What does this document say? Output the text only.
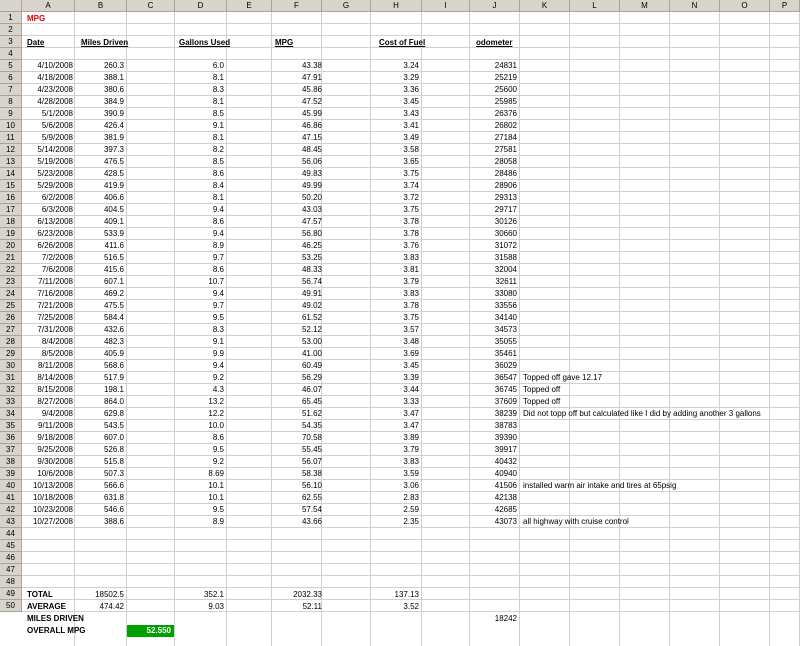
MPG
Date	Miles Driven	Gallons Used	MPG	Cost of Fuel	odometer
TOTAL	18502.5	352.1	2032.33	137.13
AVERAGE	474.42	9.03	52.11	3.52
MILES DRIVEN	18242
OVERALL MPG	52.550
A	B	C	D	E	F	G	H	I	J	K	L	M	N	O	P
1
2
3
4
5
6
7
8
9
10
11
12
13
14
15
16
17
18
19
20
21
22
23
24
25
26
27
28
29
30
31
32
33
34
35
36
37
38
39
40
41
42
43
44
45
46
47
48
49
50
4/10/2008	260.3	6.0	43.38	3.24	24831
4/18/2008	388.1	8.1	47.91	3.29	25219
4/23/2008	380.6	8.3	45.86	3.36	25600
4/28/2008	384.9	8.1	47.52	3.45	25985
5/1/2008	390.9	8.5	45.99	3.43	26376
5/6/2008	426.4	9.1	46.86	3.41	26802
5/9/2008	381.9	8.1	47.15	3.49	27184
5/14/2008	397.3	8.2	48.45	3.58	27581
5/19/2008	476.5	8.5	56.06	3.65	28058
5/23/2008	428.5	8.6	49.83	3.75	28486
5/29/2008	419.9	8.4	49.99	3.74	28906
6/2/2008	406.6	8.1	50.20	3.72	29313
6/3/2008	404.5	9.4	43.03	3.75	29717
6/13/2008	409.1	8.6	47.57	3.78	30126
6/23/2008	533.9	9.4	56.80	3.78	30660
6/26/2008	411.6	8.9	46.25	3.76	31072
7/2/2008	516.5	9.7	53.25	3.83	31588
7/6/2008	415.6	8.6	48.33	3.81	32004
7/11/2008	607.1	10.7	56.74	3.79	32611
7/16/2008	469.2	9.4	49.91	3.83	33080
7/21/2008	475.5	9.7	49.02	3.78	33556
7/25/2008	584.4	9.5	61.52	3.75	34140
7/31/2008	432.6	8.3	52.12	3.57	34573
8/4/2008	482.3	9.1	53.00	3.48	35055
8/5/2008	405.9	9.9	41.00	3.69	35461
8/11/2008	568.6	9.4	60.49	3.45	36029
8/14/2008	517.9	9.2	56.29	3.39	36547 Topped off gave 12.17
8/15/2008	198.1	4.3	46.07	3.44	36745 Topped off
8/27/2008	864.0	13.2	65.45	3.33	37609 Topped off
9/4/2008	629.8	12.2	51.62	3.47	38239 Did not topp off but calculated like I did by adding another 3 gallons
9/11/2008	543.5	10.0	54.35	3.47	38783
9/18/2008	607.0	8.6	70.58	3.89	39390
9/25/2008	526.8	9.5	55.45	3.79	39917
9/30/2008	515.8	9.2	56.07	3.83	40432
10/6/2008	507.3	8.69	58.38	3.59	40940
10/13/2008	566.6	10.1	56.10	3.06	41506 installed warm air intake and tires at 65psig
10/18/2008	631.8	10.1	62.55	2.83	42138
10/23/2008	546.6	9.5	57.54	2.59	42685
10/27/2008	388.6	8.9	43.66	2.35	43073 all highway with cruise control
